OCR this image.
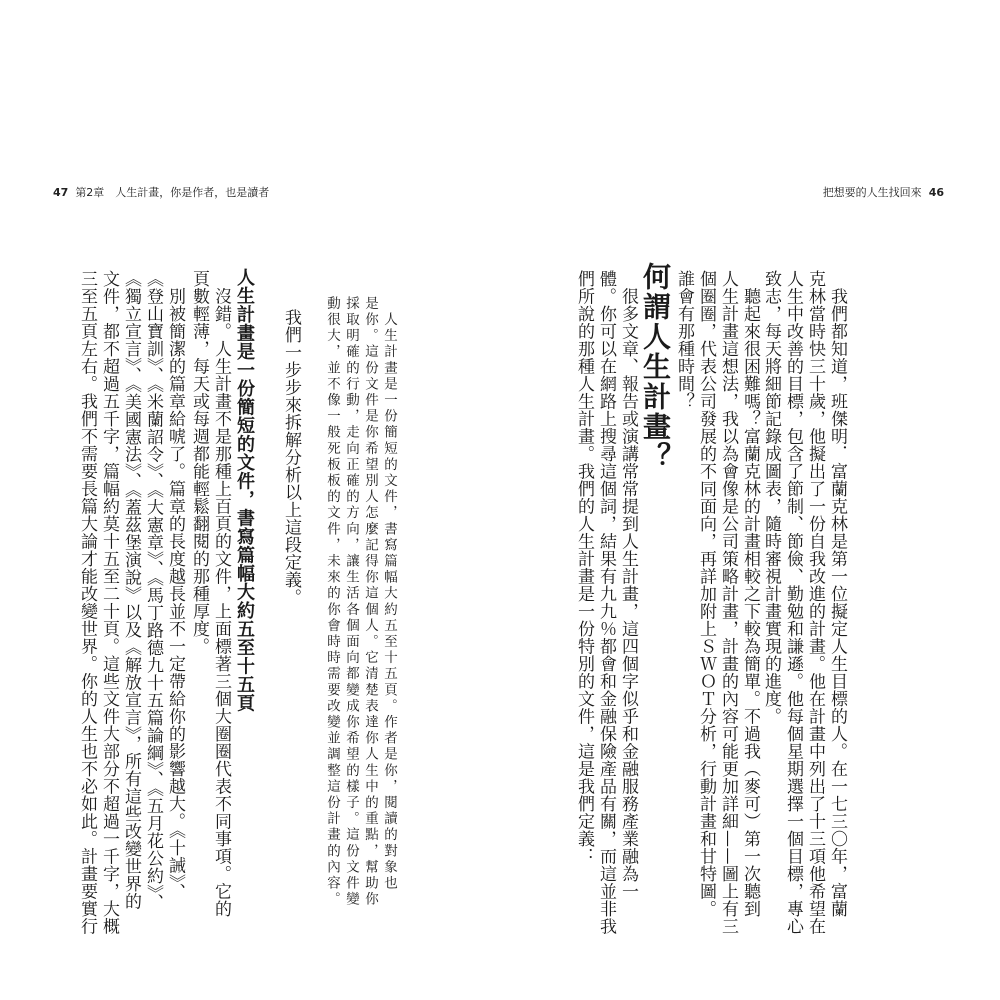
47 第2章　人生計畫，你是作者，也是讀者	把想要的人生找回來 46
　我們都知道，班傑明．富蘭克林是第一位擬定人生目標的人。在一七三〇年，富蘭
克林當時快三十歲，他擬出了一份自我改進的計畫。他在計畫中列出了十三項他希望在
人生中改善的目標，包含了節制、節儉、勤勉和謙遜。他每個星期選擇一個目標，專心
致志，每天將細節記錄成圖表，隨時審視計畫實現的進度。
　聽起來很困難嗎？富蘭克林的計畫相較之下較為簡單。不過我（麥可）第一次聽到
人生計畫這想法，我以為會像是公司策略計畫，計畫的內容可能更加詳細——圖上有三
個圈圈，代表公司發展的不同面向，再詳加附上ＳＷＯＴ分析，行動計畫和甘特圖。
誰會有那種時間？
何謂人生計畫？
　很多文章、報告或演講常常提到人生計畫，這四個字似乎和金融服務產業融為一
體。你可以在網路上搜尋這個詞，結果有九九％都會和金融保險產品有關，而這並非我
們所說的那種人生計畫。我們的人生計畫是一份特別的文件，這是我們定義：
　人生計畫是一份簡短的文件，書寫篇幅大約五至十五頁。作者是你，閱讀的對象也
是你。這份文件是你希望別人怎麼記得你這個人。它清楚表達你人生中的重點，幫助你
採取明確的行動，走向正確的方向，讓生活各個面向都變成你希望的樣子。這份文件變
動很大，並不像一般死板板的文件，未來的你會時時需要改變並調整這份計畫的內容。
　我們一步步來拆解分析以上這段定義。
人生計畫是一份簡短的文件，書寫篇幅大約五至十五頁
　沒錯。人生計畫不是那種上百頁的文件，上面標著三個大圈圈代表不同事項。它的
頁數輕薄，每天或每週都能輕鬆翻閱的那種厚度。
　別被簡潔的篇章給唬了。篇章的長度越長並不一定帶給你的影響越大。《十誡》、
《登山寶訓》、《米蘭詔令》、《大憲章》、《馬丁路德九十五篇論綱》、《五月花公約》、
《獨立宣言》、《美國憲法》、《蓋茲堡演說》以及《解放宣言》，所有這些改變世界的
文件，都不超過五千字，篇幅約莫十五至二十頁。這些文件大部分不超過一千字，大概
三至五頁左右。我們不需要長篇大論才能改變世界。你的人生也不必如此。計畫要實行
